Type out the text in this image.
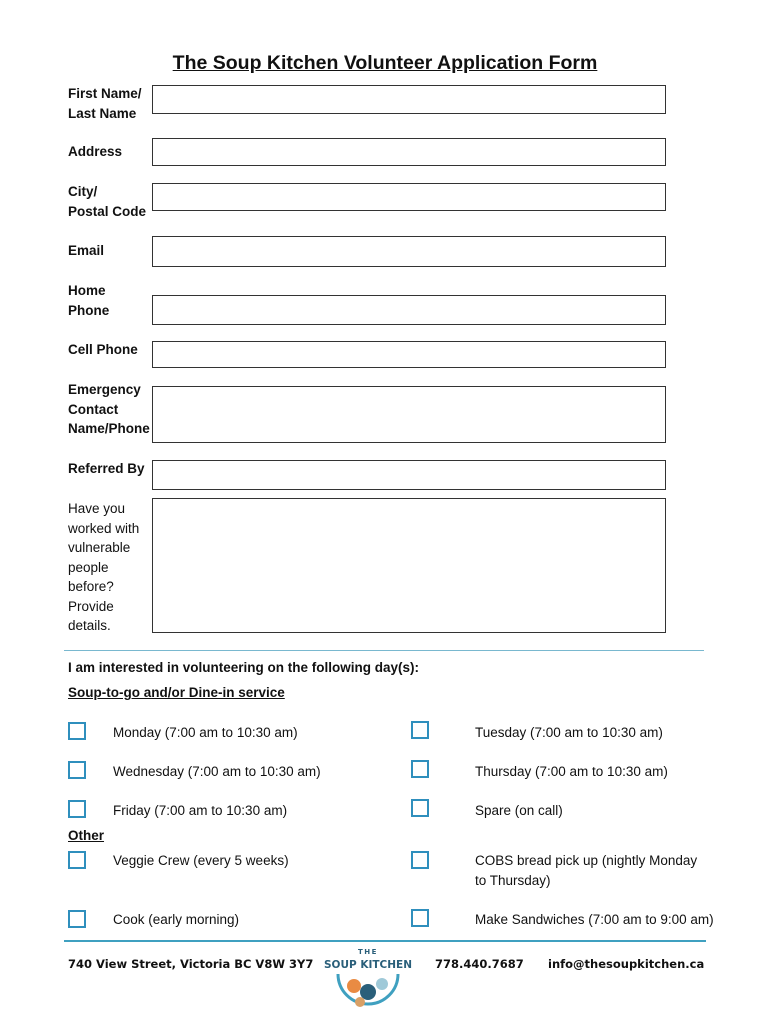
The Soup Kitchen Volunteer Application Form
First Name/
Last Name
Address
City/
Postal Code
Email
Home
Phone
Cell Phone
Emergency
Contact
Name/Phone
Referred By
Have you
worked with
vulnerable
people
before?
Provide
details.
I am interested in volunteering on the following day(s):
Soup-to-go and/or Dine-in service
Monday (7:00 am to 10:30 am)	Tuesday (7:00 am to 10:30 am)
Wednesday (7:00 am to 10:30 am)	Thursday (7:00 am to 10:30 am)
Friday (7:00 am to 10:30 am)	Spare (on call)
Other
Veggie Crew (every 5 weeks)	COBS bread pick up (nightly Monday
to Thursday)
Cook (early morning)	Make Sandwiches (7:00 am to 9:00 am)
740 View Street, Victoria BC V8W 3Y7	778.440.7687 info@thesoupkitchen.ca
THE
SOUP KITCHEN
